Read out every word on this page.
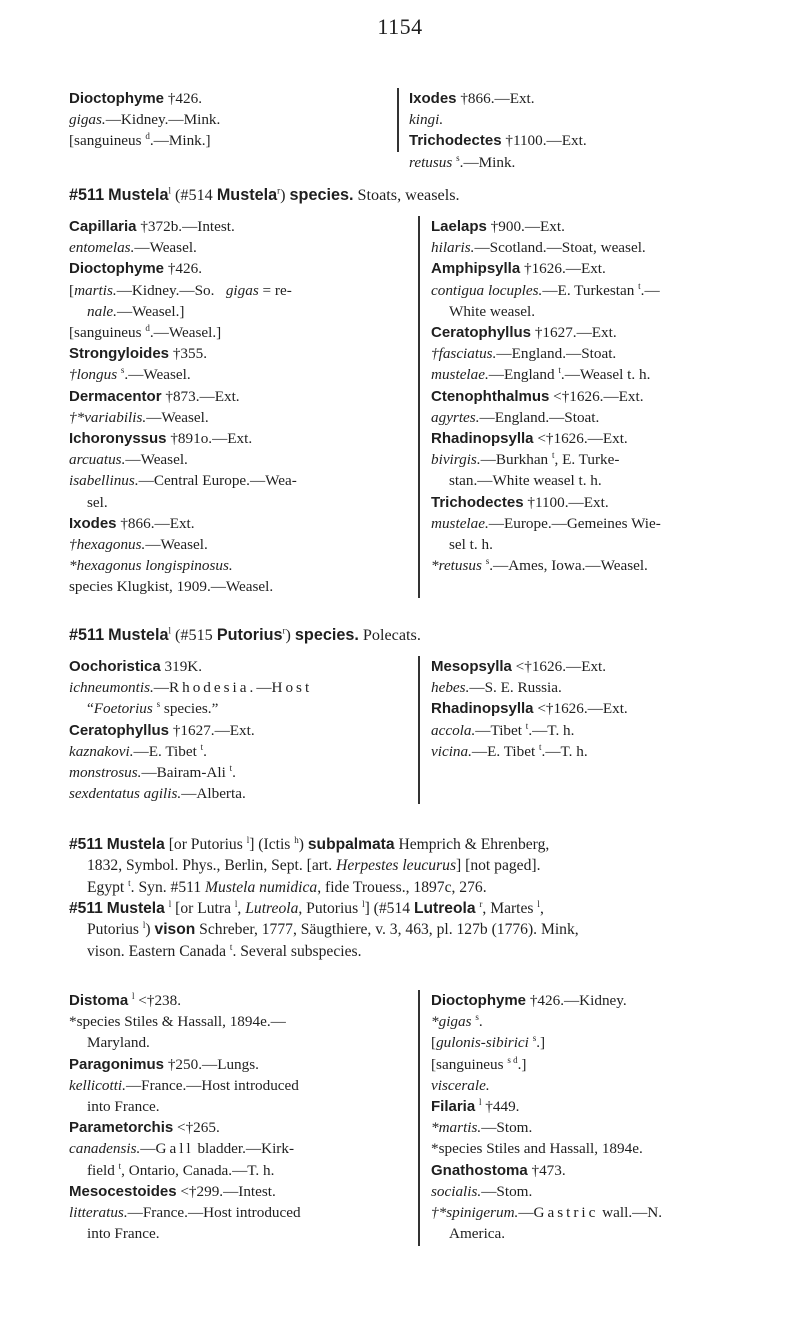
1154
Dioctophyme †426.
gigas.—Kidney.—Mink.
[sanguineus $^d$.—Mink.]
Ixodes †866.—Ext.
kingi.
Trichodectes †1100.—Ext.
retusus $^s$.—Mink.
#511 Mustela$^l$ (#514 Mustela$^r$) species. Stoats, weasels.
Capillaria †372b.—Intest.
entomelas.—Weasel.
Dioctophyme †426.
[martis.—Kidney.—So. gigas = re-
nale.—Weasel.]
[sanguineus $^d$.—Weasel.]
Strongyloides †355.
†longus $^s$.—Weasel.
Dermacentor †873.—Ext.
†*variabilis.—Weasel.
Ichoronyssus †891o.—Ext.
arcuatus.—Weasel.
isabellinus.—Central Europe.—Wea-
sel.
Ixodes †866.—Ext.
†hexagonus.—Weasel.
*hexagonus longispinosus.
species Klugkist, 1909.—Weasel.
Laelaps †900.—Ext.
hilaris.—Scotland.—Stoat, weasel.
Amphipsylla †1626.—Ext.
contigua locuples.—E. Turkestan $^t$.—
White weasel.
Ceratophyllus †1627.—Ext.
†fasciatus.—England.—Stoat.
mustelae.—England $^t$.—Weasel t. h.
Ctenophthalmus <†1626.—Ext.
agyrtes.—England.—Stoat.
Rhadinopsylla <†1626.—Ext.
bivirgis.—Burkhan $^t$, E. Turke-
stan.—White weasel t. h.
Trichodectes †1100.—Ext.
mustelae.—Europe.—Gemeines Wie-
sel t. h.
*retusus $^s$.—Ames, Iowa.—Weasel.
#511 Mustela$^l$ (#515 Putorius$^r$) species. Polecats.
Oochoristica 319K.
ichneumontis.—Rhodesia.—Host
“Foetorius $^s$ species.”
Ceratophyllus †1627.—Ext.
kaznakovi.—E. Tibet $^t$.
monstrosus.—Bairam-Ali $^t$.
sexdentatus agilis.—Alberta.
Mesopsylla <†1626.—Ext.
hebes.—S. E. Russia.
Rhadinopsylla <†1626.—Ext.
accola.—Tibet $^t$.—T. h.
vicina.—E. Tibet $^t$.—T. h.
#511 Mustela [or Putorius $^l$] (Ictis $^h$) subpalmata Hemprich & Ehrenberg,
1832, Symbol. Phys., Berlin, Sept. [art. Herpestes leucurus] [not paged].
Egypt $^t$. Syn. #511 Mustela numidica, fide Trouess., 1897c, 276.
#511 Mustela $^l$ [or Lutra $^l$, Lutreola, Putorius $^l$] (#514 Lutreola $^r$, Martes $^l$,
Putorius $^l$) vison Schreber, 1777, Säugthiere, v. 3, 463, pl. 127b (1776). Mink,
vison. Eastern Canada $^t$. Several subspecies.
Distoma $^l$ <†238.
*species Stiles & Hassall, 1894e.—
Maryland.
Paragonimus †250.—Lungs.
kellicotti.—France.—Host introduced
into France.
Parametorchis <†265.
canadensis.—Gall bladder.—Kirk-
field $^t$, Ontario, Canada.—T. h.
Mesocestoides <†299.—Intest.
litteratus.—France.—Host introduced
into France.
Dioctophyme †426.—Kidney.
*gigas $^s$.
[gulonis-sibirici $^s$.]
[sanguineus $^{s d}$.]
viscerale.
Filaria $^l$ †449.
*martis.—Stom.
*species Stiles and Hassall, 1894e.
Gnathostoma †473.
socialis.—Stom.
†*spinigerum.—Gastric wall.—N.
America.
